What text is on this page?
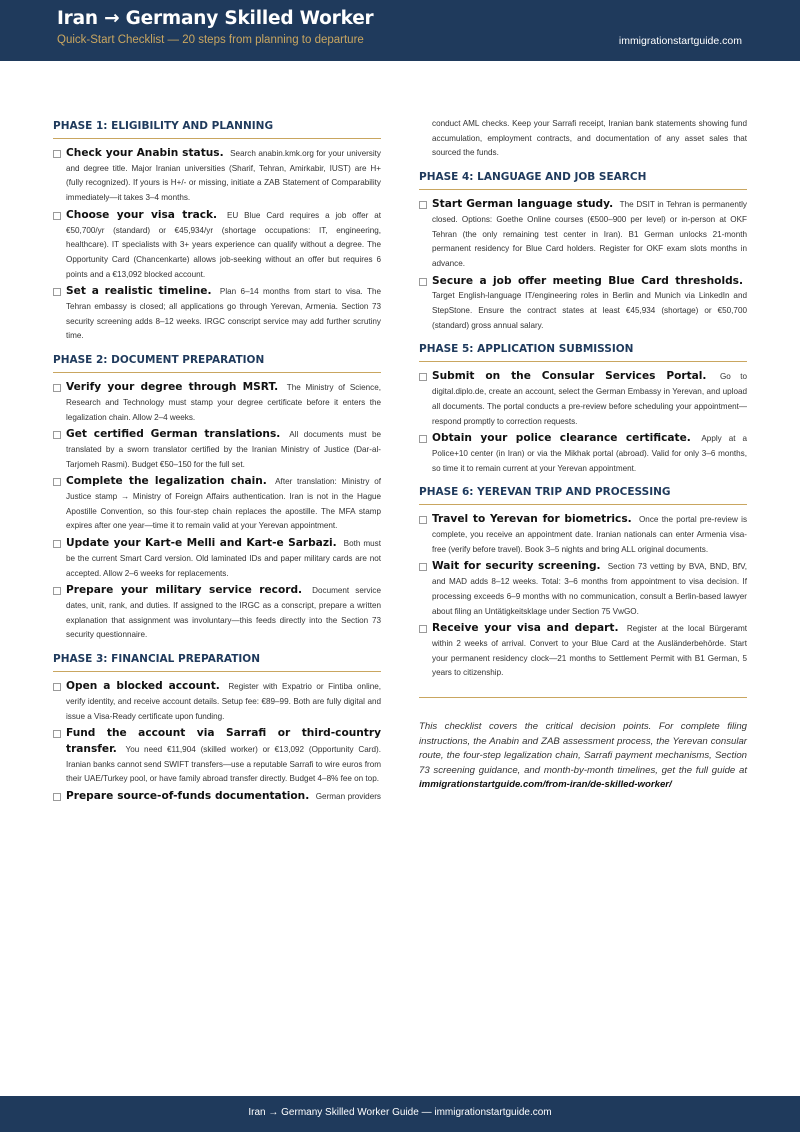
Iran → Germany Skilled Worker
Quick-Start Checklist — 20 steps from planning to departure	immigrationstartguide.com
PHASE 1: ELIGIBILITY AND PLANNING
Check your Anabin status. Search anabin.kmk.org for your university and degree title. Major Iranian universities (Sharif, Tehran, Amirkabir, IUST) are H+ (fully recognized). If yours is H+/- or missing, initiate a ZAB Statement of Comparability immediately—it takes 3–4 months.
Choose your visa track. EU Blue Card requires a job offer at €50,700/yr (standard) or €45,934/yr (shortage occupations: IT, engineering, healthcare). IT specialists with 3+ years experience can qualify without a degree. The Opportunity Card (Chancenkarte) allows job-seeking without an offer but requires 6 points and a €13,092 blocked account.
Set a realistic timeline. Plan 6–14 months from start to visa. The Tehran embassy is closed; all applications go through Yerevan, Armenia. Section 73 security screening adds 8–12 weeks. IRGC conscript service may add further scrutiny time.
PHASE 2: DOCUMENT PREPARATION
Verify your degree through MSRT. The Ministry of Science, Research and Technology must stamp your degree certificate before it enters the legalization chain. Allow 2–4 weeks.
Get certified German translations. All documents must be translated by a sworn translator certified by the Iranian Ministry of Justice (Dar-al-Tarjomeh Rasmi). Budget €50–150 for the full set.
Complete the legalization chain. After translation: Ministry of Justice stamp → Ministry of Foreign Affairs authentication. Iran is not in the Hague Apostille Convention, so this four-step chain replaces the apostille. The MFA stamp expires after one year—time it to remain valid at your Yerevan appointment.
Update your Kart-e Melli and Kart-e Sarbazi. Both must be the current Smart Card version. Old laminated IDs and paper military cards are not accepted. Allow 2–6 weeks for replacements.
Prepare your military service record. Document service dates, unit, rank, and duties. If assigned to the IRGC as a conscript, prepare a written explanation that assignment was involuntary—this feeds directly into the Section 73 security questionnaire.
PHASE 3: FINANCIAL PREPARATION
Open a blocked account. Register with Expatrio or Fintiba online, verify identity, and receive account details. Setup fee: €89–99. Both are fully digital and issue a Visa-Ready certificate upon funding.
Fund the account via Sarrafi or third-country transfer. You need €11,904 (skilled worker) or €13,092 (Opportunity Card). Iranian banks cannot send SWIFT transfers—use a reputable Sarrafi to wire euros from their UAE/Turkey pool, or have family abroad transfer directly. Budget 4–8% fee on top.
Prepare source-of-funds documentation. German providers
conduct AML checks. Keep your Sarrafi receipt, Iranian bank statements showing fund accumulation, employment contracts, and documentation of any asset sales that sourced the funds.
PHASE 4: LANGUAGE AND JOB SEARCH
Start German language study. The DSIT in Tehran is permanently closed. Options: Goethe Online courses (€500–900 per level) or in-person at OKF Tehran (the only remaining test center in Iran). B1 German unlocks 21-month permanent residency for Blue Card holders. Register for OKF exam slots months in advance.
Secure a job offer meeting Blue Card thresholds. Target English-language IT/engineering roles in Berlin and Munich via LinkedIn and StepStone. Ensure the contract states at least €45,934 (shortage) or €50,700 (standard) gross annual salary.
PHASE 5: APPLICATION SUBMISSION
Submit on the Consular Services Portal. Go to digital.diplo.de, create an account, select the German Embassy in Yerevan, and upload all documents. The portal conducts a pre-review before scheduling your appointment—respond promptly to correction requests.
Obtain your police clearance certificate. Apply at a Police+10 center (in Iran) or via the Mikhak portal (abroad). Valid for only 3–6 months, so time it to remain current at your Yerevan appointment.
PHASE 6: YEREVAN TRIP AND PROCESSING
Travel to Yerevan for biometrics. Once the portal pre-review is complete, you receive an appointment date. Iranian nationals can enter Armenia visa-free (verify before travel). Book 3–5 nights and bring ALL original documents.
Wait for security screening. Section 73 vetting by BVA, BND, BfV, and MAD adds 8–12 weeks. Total: 3–6 months from appointment to visa decision. If processing exceeds 6–9 months with no communication, consult a Berlin-based lawyer about filing an Untätigkeitsklage under Section 75 VwGO.
Receive your visa and depart. Register at the local Bürgeramt within 2 weeks of arrival. Convert to your Blue Card at the Ausländerbehörde. Start your permanent residency clock—21 months to Settlement Permit with B1 German, 5 years to citizenship.
This checklist covers the critical decision points. For complete filing instructions, the Anabin and ZAB assessment process, the Yerevan consular route, the four-step legalization chain, Sarrafi payment mechanisms, Section 73 screening guidance, and month-by-month timelines, get the full guide at immigrationstartguide.com/from-iran/de-skilled-worker/
Iran → Germany Skilled Worker Guide — immigrationstartguide.com
